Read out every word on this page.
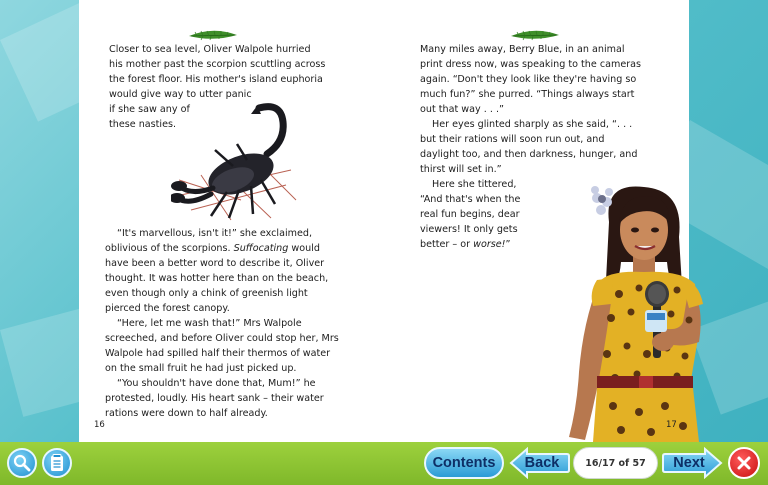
Closer to sea level, Oliver Walpole hurried his mother past the scorpion scuttling across the forest floor. His mother's island euphoria would give way to utter panic

if she saw any of these nasties.

“It's marvellous, isn't it!” she exclaimed, oblivious of the scorpions. Suffocating would have been a better word to describe it, Oliver thought. It was hotter here than on the beach, even though only a chink of greenish light pierced the forest canopy.

“Here, let me wash that!” Mrs Walpole screeched, and before Oliver could stop her, Mrs Walpole had spilled half their thermos of water on the small fruit he had just picked up.

“You shouldn't have done that, Mum!” he protested, loudly. His heart sank – their water rations were down to half already.

16

Many miles away, Berry Blue, in an animal print dress now, was speaking to the cameras again. “Don't they look like they're having so much fun?” she purred. “Things always start out that way . . .”

Her eyes glinted sharply as she said, “. . . but their rations will soon run out, and daylight too, and then darkness, hunger, and thirst will set in.”

Here she tittered, “And that's when the real fun begins, dear viewers! It only gets better – or worse!”

17
Contents	Back	16/17 of 57	Next
